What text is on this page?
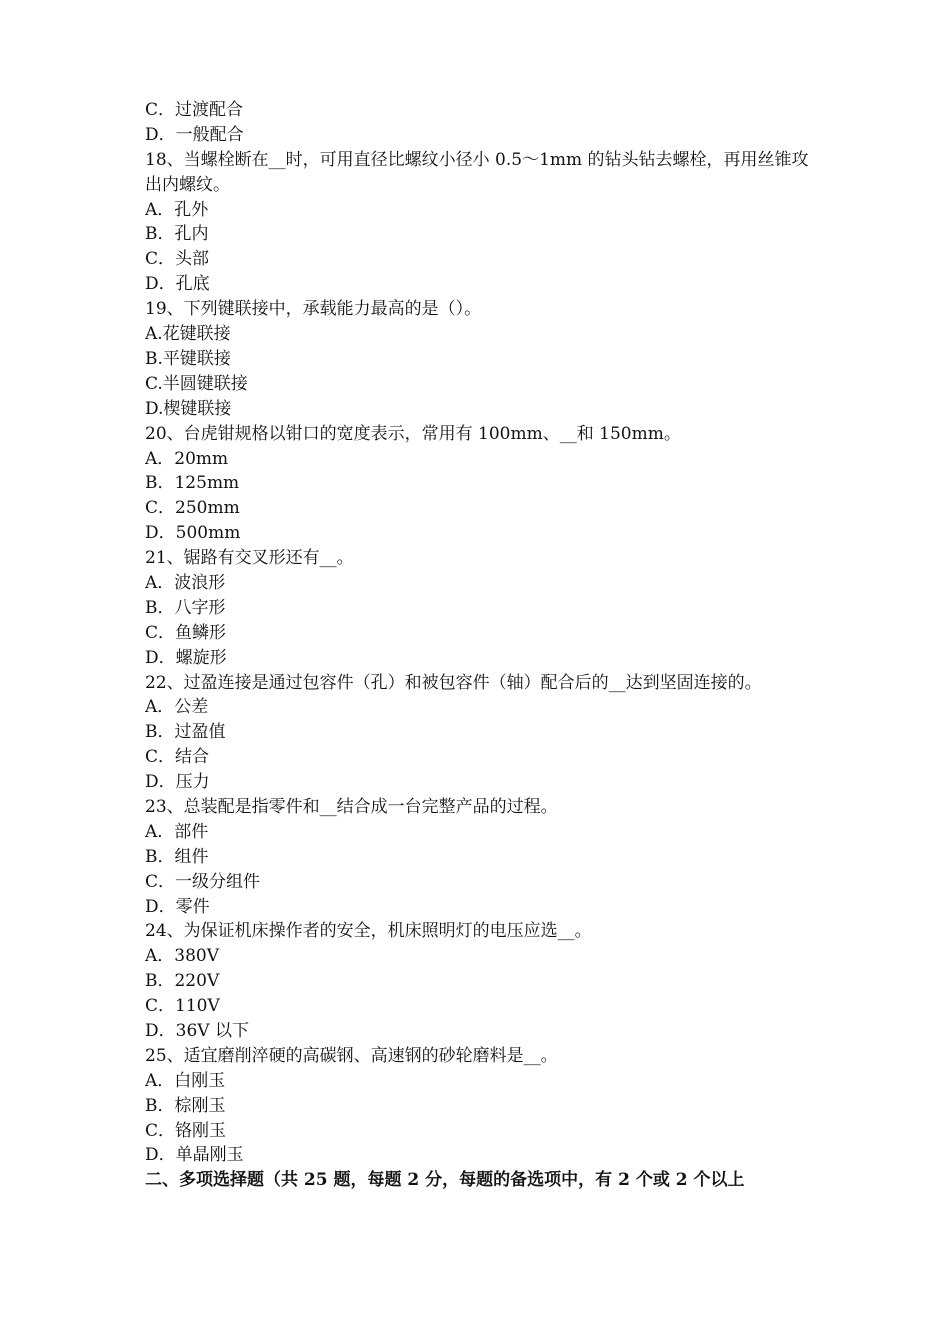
C．过渡配合
D．一般配合
18、当螺栓断在__时，可用直径比螺纹小径小 0.5～1mm 的钻头钻去螺栓，再用丝锥攻出内螺纹。
A．孔外
B．孔内
C．头部
D．孔底
19、下列键联接中，承载能力最高的是（）。
A.花键联接
B.平键联接
C.半圆键联接
D.楔键联接
20、台虎钳规格以钳口的宽度表示，常用有 100mm、__和 150mm。
A．20mm
B．125mm
C．250mm
D．500mm
21、锯路有交叉形还有__。
A．波浪形
B．八字形
C．鱼鳞形
D．螺旋形
22、过盈连接是通过包容件（孔）和被包容件（轴）配合后的__达到坚固连接的。
A．公差
B．过盈值
C．结合
D．压力
23、总装配是指零件和__结合成一台完整产品的过程。
A．部件
B．组件
C．一级分组件
D．零件
24、为保证机床操作者的安全，机床照明灯的电压应选__。
A．380V
B．220V
C．110V
D．36V 以下
25、适宜磨削淬硬的高碳钢、高速钢的砂轮磨料是__。
A．白刚玉
B．棕刚玉
C．铬刚玉
D．单晶刚玉
二、多项选择题（共 25 题，每题 2 分，每题的备选项中，有 2 个或 2 个以上
